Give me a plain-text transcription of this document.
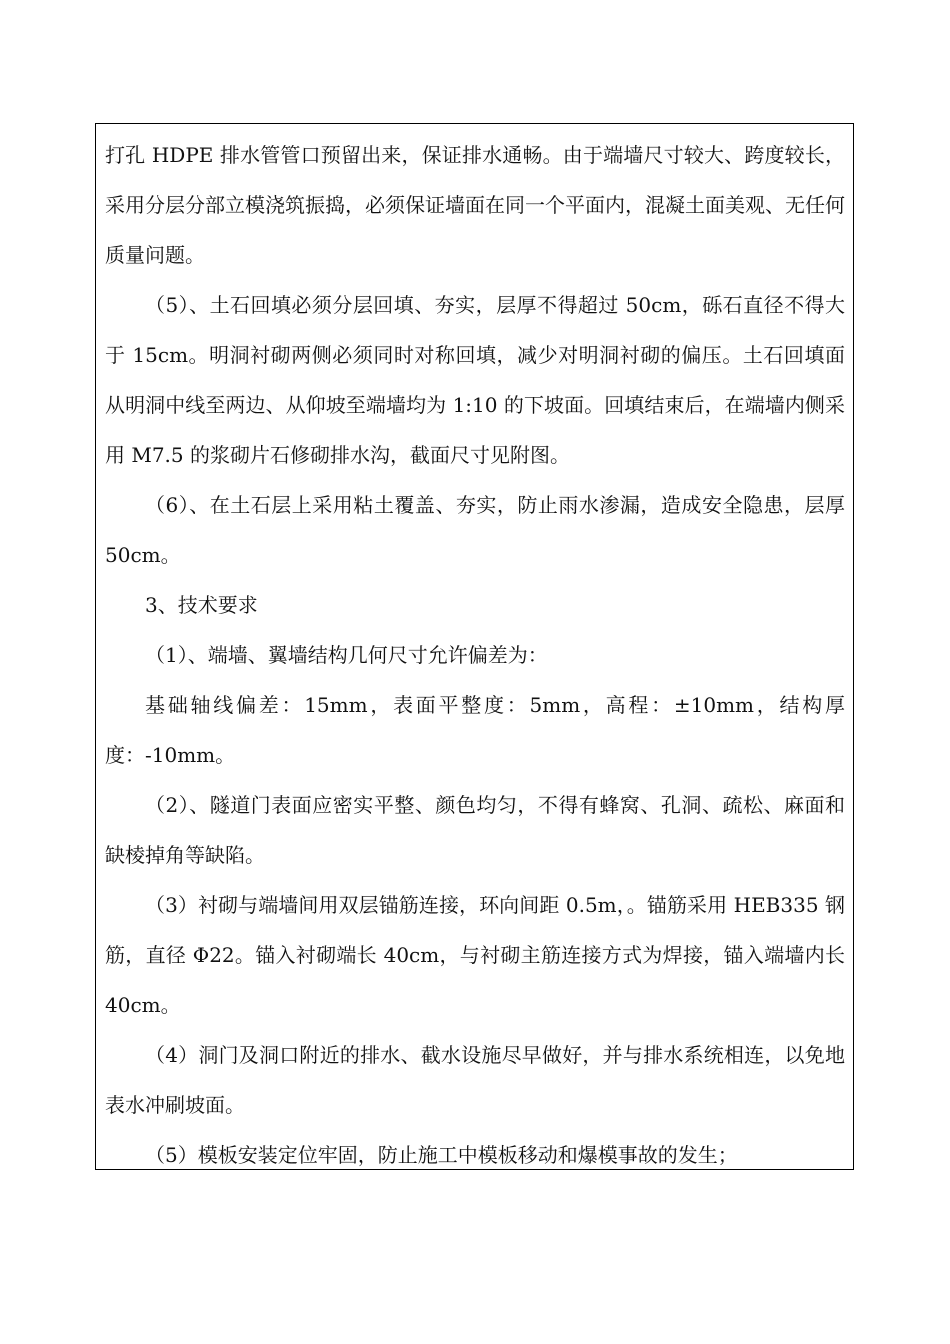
打孔 HDPE 排水管管口预留出来，保证排水通畅。由于端墙尺寸较大、跨度较长，采用分层分部立模浇筑振捣，必须保证墙面在同一个平面内，混凝土面美观、无任何质量问题。

（5）、土石回填必须分层回填、夯实，层厚不得超过 50cm，砾石直径不得大于 15cm。明洞衬砌两侧必须同时对称回填，减少对明洞衬砌的偏压。土石回填面从明洞中线至两边、从仰坡至端墙均为 1:10 的下坡面。回填结束后，在端墙内侧采用 M7.5 的浆砌片石修砌排水沟，截面尺寸见附图。

（6）、在土石层上采用粘土覆盖、夯实，防止雨水渗漏，造成安全隐患，层厚 50cm。

3、技术要求

（1）、端墙、翼墙结构几何尺寸允许偏差为：

基础轴线偏差：15mm，表面平整度：5mm，高程：±10mm，结构厚度：-10mm。

（2）、隧道门表面应密实平整、颜色均匀，不得有蜂窝、孔洞、疏松、麻面和缺棱掉角等缺陷。

（3）衬砌与端墙间用双层锚筋连接，环向间距 0.5m，。锚筋采用 HEB335 钢筋，直径 Φ22。锚入衬砌端长 40cm，与衬砌主筋连接方式为焊接，锚入端墙内长 40cm。

（4）洞门及洞口附近的排水、截水设施尽早做好，并与排水系统相连，以免地表水冲刷坡面。

（5）模板安装定位牢固，防止施工中模板移动和爆模事故的发生；
